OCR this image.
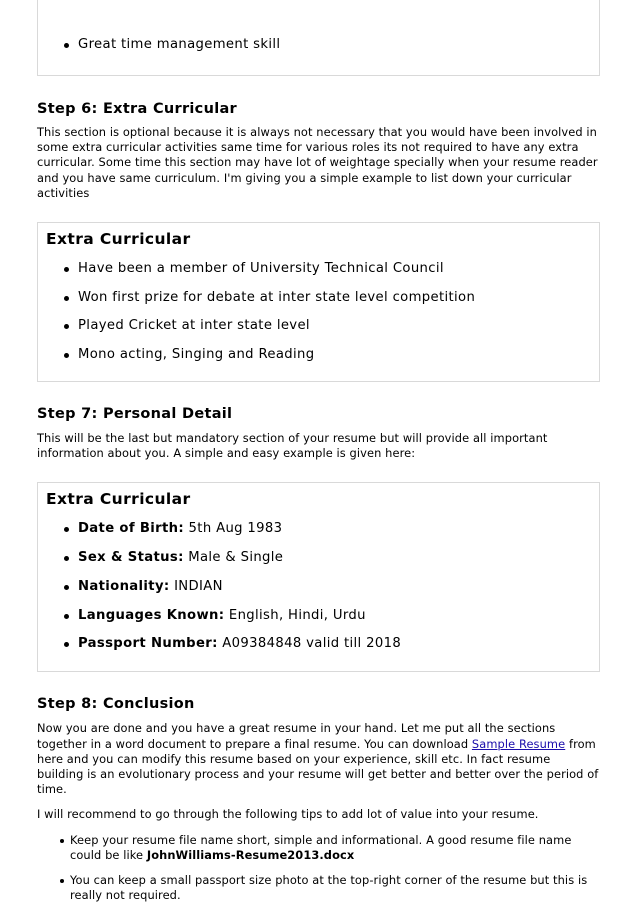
Great time management skill
Step 6: Extra Curricular

This section is optional because it is always not necessary that you would have been involved in some extra curricular activities same time for various roles its not required to have any extra curricular. Some time this section may have lot of weightage specially when your resume reader and you have same curriculum. I'm giving you a simple example to list down your curricular activities

Extra Curricular
Have been a member of University Technical Council
Won first prize for debate at inter state level competition
Played Cricket at inter state level
Mono acting, Singing and Reading
Step 7: Personal Detail

This will be the last but mandatory section of your resume but will provide all important information about you. A simple and easy example is given here:

Extra Curricular
Date of Birth: 5th Aug 1983
Sex & Status: Male & Single
Nationality: INDIAN
Languages Known: English, Hindi, Urdu
Passport Number: A09384848 valid till 2018
Step 8: Conclusion

Now you are done and you have a great resume in your hand. Let me put all the sections together in a word document to prepare a final resume. You can download Sample Resume from here and you can modify this resume based on your experience, skill etc. In fact resume building is an evolutionary process and your resume will get better and better over the period of time.

I will recommend to go through the following tips to add lot of value into your resume.

Keep your resume file name short, simple and informational. A good resume file name could be like JohnWilliams-Resume2013.docx
You can keep a small passport size photo at the top-right corner of the resume but this is really not required.
